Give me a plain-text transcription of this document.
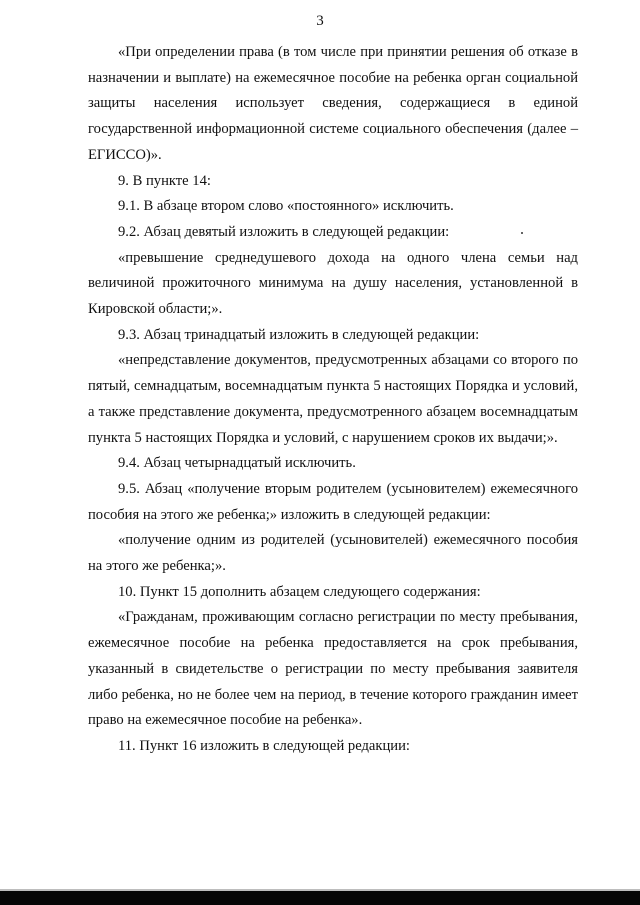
3

«При определении права (в том числе при принятии решения об отказе в назначении и выплате) на ежемесячное пособие на ребенка орган социальной защиты населения использует сведения, содержащиеся в единой государственной информационной системе социального обеспечения (далее – ЕГИССО)».

9. В пункте 14:

9.1. В абзаце втором слово «постоянного» исключить.

9.2. Абзац девятый изложить в следующей редакции:

«превышение среднедушевого дохода на одного члена семьи над величиной прожиточного минимума на душу населения, установленной в Кировской области;».

9.3. Абзац тринадцатый изложить в следующей редакции:

«непредставление документов, предусмотренных абзацами со второго по пятый, семнадцатым, восемнадцатым пункта 5 настоящих Порядка и условий, а также представление документа, предусмотренного абзацем восемнадцатым пункта 5 настоящих Порядка и условий, с нарушением сроков их выдачи;».

9.4. Абзац четырнадцатый исключить.

9.5. Абзац «получение вторым родителем (усыновителем) ежемесячного пособия на этого же ребенка;» изложить в следующей редакции:

«получение одним из родителей (усыновителей) ежемесячного пособия на этого же ребенка;».

10. Пункт 15 дополнить абзацем следующего содержания:

«Гражданам, проживающим согласно регистрации по месту пребывания, ежемесячное пособие на ребенка предоставляется на срок пребывания, указанный в свидетельстве о регистрации по месту пребывания заявителя либо ребенка, но не более чем на период, в течение которого гражданин имеет право на ежемесячное пособие на ребенка».

11. Пункт 16 изложить в следующей редакции:
